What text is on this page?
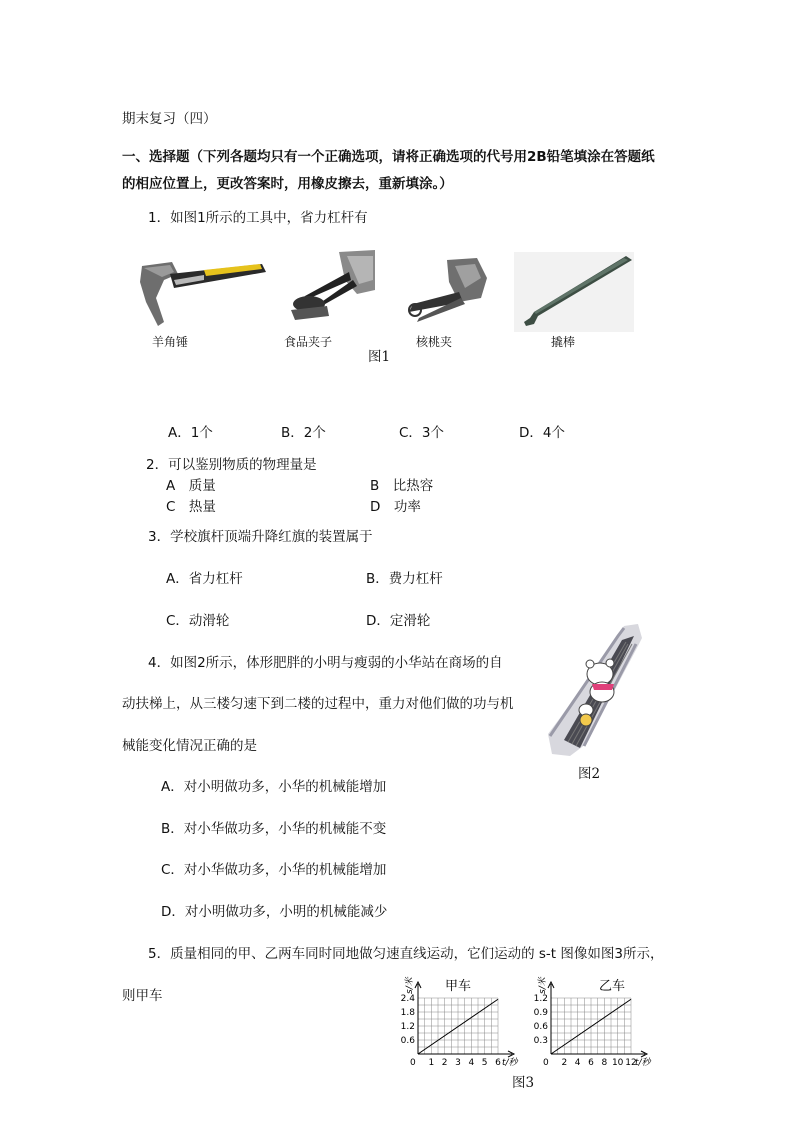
期末复习（四）
一、选择题（下列各题均只有一个正确选项，请将正确选项的代号用2B铅笔填涂在答题纸
的相应位置上，更改答案时，用橡皮擦去，重新填涂。）
1．如图1所示的工具中，省力杠杆有
羊角锤	食品夹子	核桃夹	撬棒
图1
A．1个	B．2个	C．3个	D．4个
2．可以鉴别物质的物理量是
A　质量	B　比热容
C　热量	D　功率
3．学校旗杆顶端升降红旗的装置属于
A．省力杠杆	B．费力杠杆
C．动滑轮	D．定滑轮
4．如图2所示，体形肥胖的小明与瘦弱的小华站在商场的自
动扶梯上，从三楼匀速下到二楼的过程中，重力对他们做的功与机
械能变化情况正确的是
图2
A．对小明做功多，小华的机械能增加
B．对小华做功多，小华的机械能不变
C．对小华做功多，小华的机械能增加
D．对小明做功多，小明的机械能减少
5．质量相同的甲、乙两车同时同地做匀速直线运动，它们运动的 s-t 图像如图3所示，
则甲车
0.6
1.2
1.8
2.4
1 2 3 4 5 6
甲车
s/米
t/秒
0
0.3
0.6
0.9
1.2
2 4 6 8 10 12
乙车
s/米
t/秒
0
图3
